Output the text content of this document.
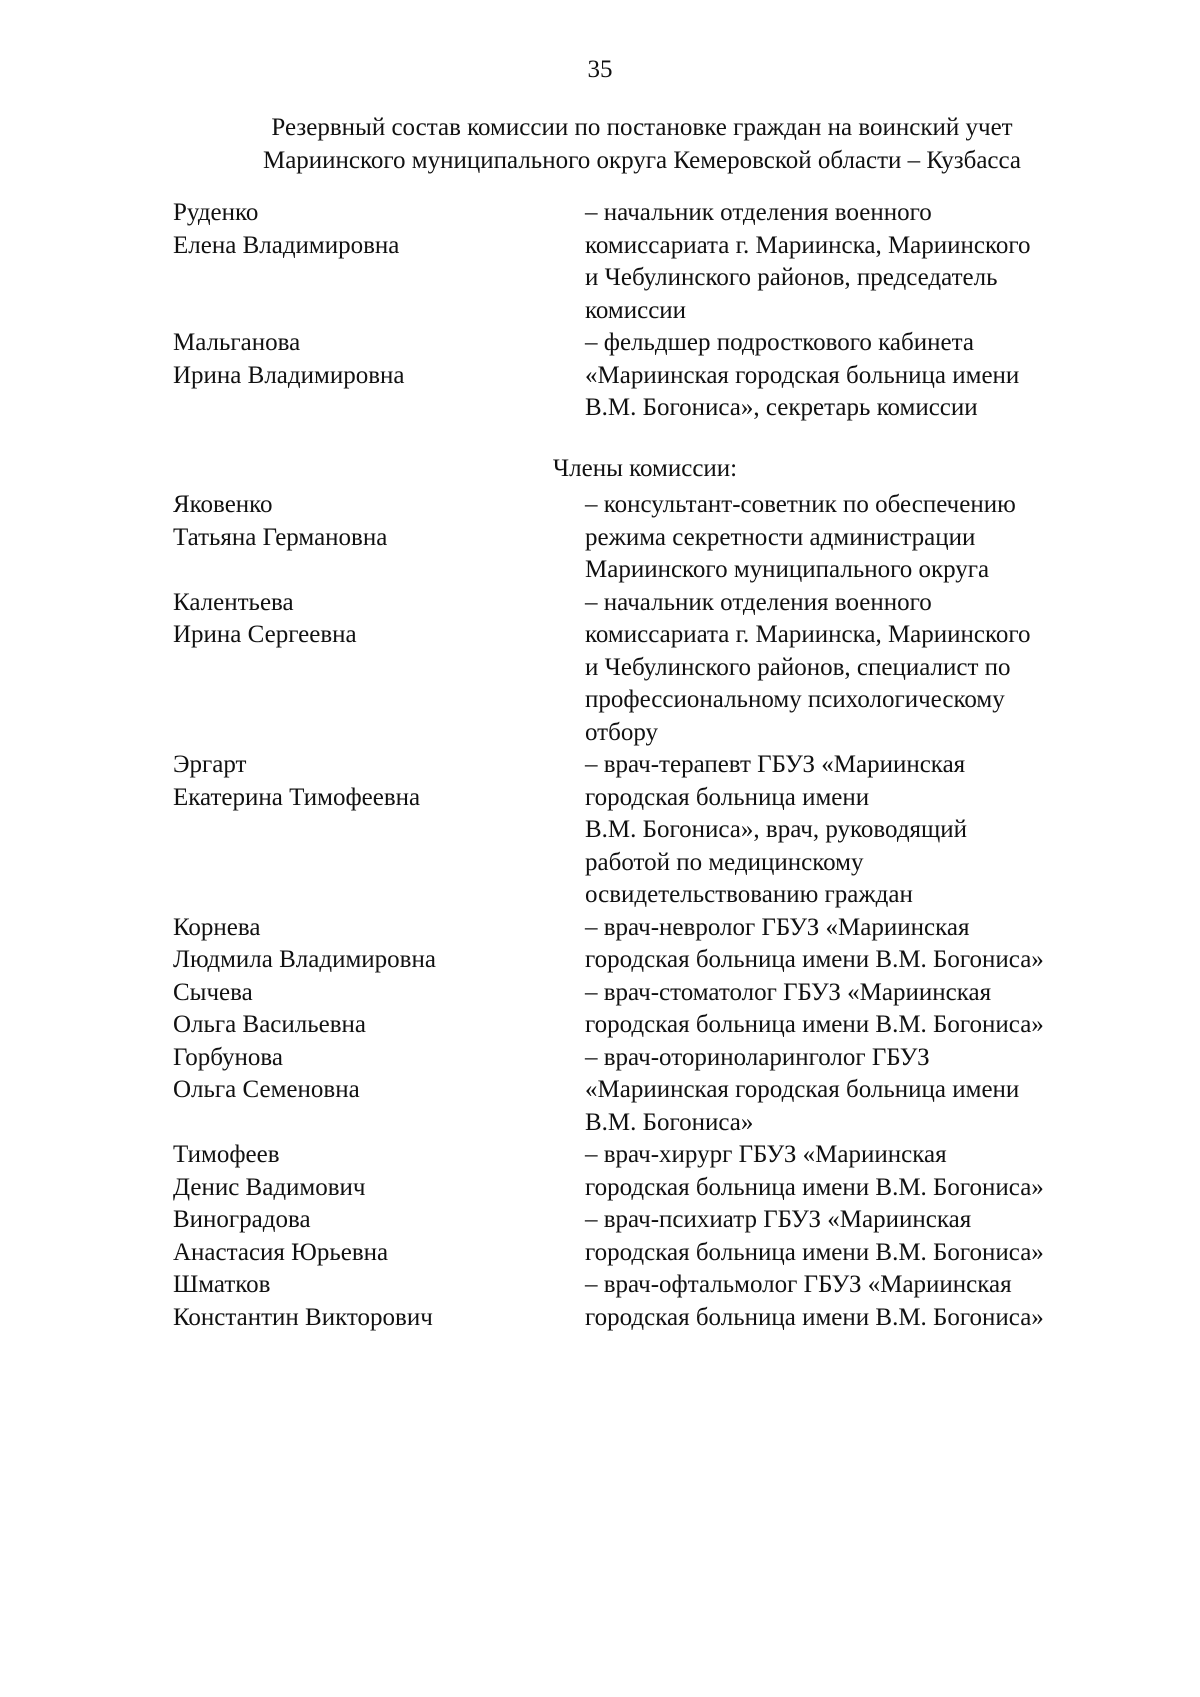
35
Резервный состав комиссии по постановке граждан на воинский учет
Мариинского муниципального округа Кемеровской области – Кузбасса
Руденко
Елена Владимировна
– начальник отделения военного
комиссариата г. Мариинска, Мариинского
и Чебулинского районов, председатель
комиссии
Мальганова
Ирина Владимировна
– фельдшер подросткового кабинета
«Мариинская городская больница имени
В.М. Богониса», секретарь комиссии
Члены комиссии:
Яковенко
Татьяна Германовна
– консультант-советник по обеспечению
режима секретности администрации
Мариинского муниципального округа
Калентьева
Ирина Сергеевна
– начальник отделения военного
комиссариата г. Мариинска, Мариинского
и Чебулинского районов, специалист по
профессиональному психологическому
отбору
Эргарт
Екатерина Тимофеевна
– врач-терапевт ГБУЗ «Мариинская
городская больница имени
В.М. Богониса», врач, руководящий
работой по медицинскому
освидетельствованию граждан
Корнева
Людмила Владимировна
– врач-невролог ГБУЗ «Мариинская
городская больница имени В.М. Богониса»
Сычева
Ольга Васильевна
– врач-стоматолог ГБУЗ «Мариинская
городская больница имени В.М. Богониса»
Горбунова
Ольга Семеновна
– врач-оториноларинголог ГБУЗ
«Мариинская городская больница имени
В.М. Богониса»
Тимофеев
Денис Вадимович
– врач-хирург ГБУЗ «Мариинская
городская больница имени В.М. Богониса»
Виноградова
Анастасия Юрьевна
– врач-психиатр ГБУЗ «Мариинская
городская больница имени В.М. Богониса»
Шматков
Константин Викторович
– врач-офтальмолог ГБУЗ «Мариинская
городская больница имени В.М. Богониса»
